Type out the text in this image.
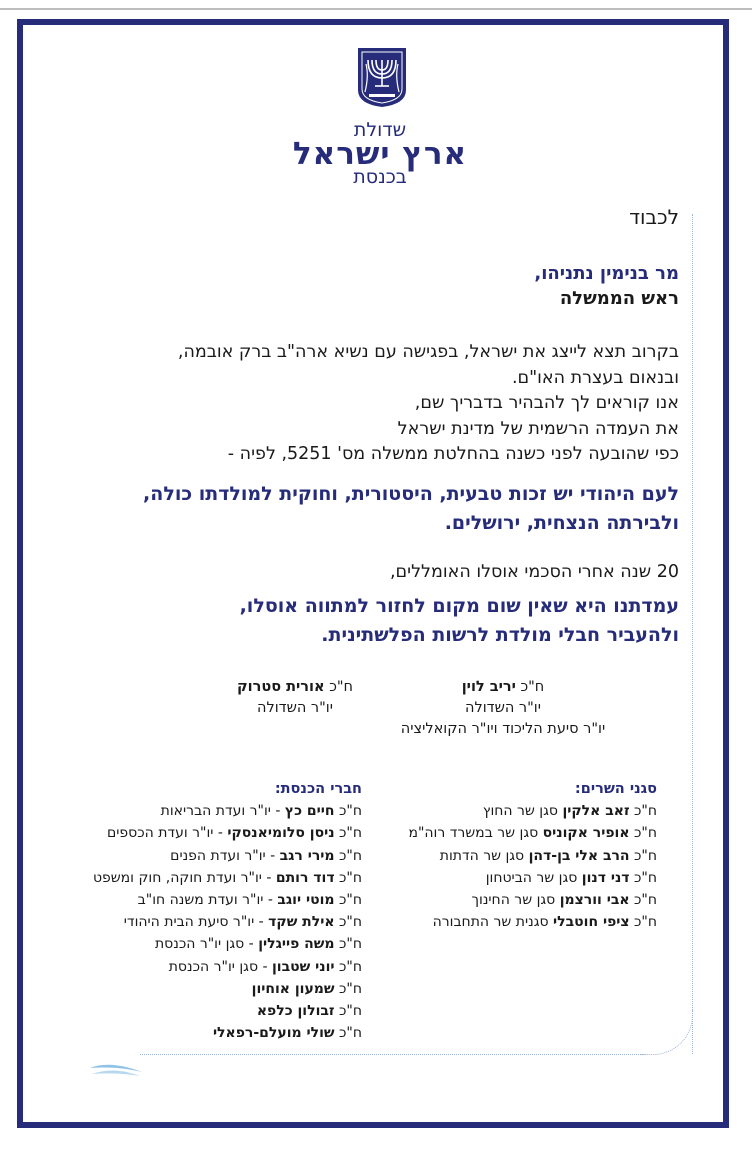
שדולת
ארץ ישראל
בכנסת
לכבוד
מר בנימין נתניהו,
ראש הממשלה
בקרוב תצא לייצג את ישראל, בפגישה עם נשיא ארה"ב ברק אובמה,
ובנאום בעצרת האו"ם.
אנו קוראים לך להבהיר בדבריך שם,
את העמדה הרשמית של מדינת ישראל
כפי שהובעה לפני כשנה בהחלטת ממשלה מס' 5251, לפיה -
לעם היהודי יש זכות טבעית, היסטורית, וחוקית למולדתו כולה,
ולבירתה הנצחית, ירושלים.
20 שנה אחרי הסכמי אוסלו האומללים,
עמדתנו היא שאין שום מקום לחזור למתווה אוסלו,
ולהעביר חבלי מולדת לרשות הפלשתינית.
ח"כ יריב לוין
יו"ר השדולה
יו"ר סיעת הליכוד ויו"ר הקואליציה
ח"כ אורית סטרוק
יו"ר השדולה
סגני השרים:
ח"כ זאב אלקין סגן שר החוץ
ח"כ אופיר אקוניס סגן שר במשרד רוה"מ
ח"כ הרב אלי בן-דהן סגן שר הדתות
ח"כ דני דנון סגן שר הביטחון
ח"כ אבי וורצמן סגן שר החינוך
ח"כ ציפי חוטבלי סגנית שר התחבורה
חברי הכנסת:
ח"כ חיים כץ - יו"ר ועדת הבריאות
ח"כ ניסן סלומיאנסקי - יו"ר ועדת הכספים
ח"כ מירי רגב - יו"ר ועדת הפנים
ח"כ דוד רותם - יו"ר ועדת חוקה, חוק ומשפט
ח"כ מוטי יוגב - יו"ר ועדת משנה חו"ב
ח"כ אילת שקד - יו"ר סיעת הבית היהודי
ח"כ משה פייגלין - סגן יו"ר הכנסת
ח"כ יוני שטבון - סגן יו"ר הכנסת
ח"כ שמעון אוחיון
ח"כ זבולון כלפא
ח"כ שולי מועלם-רפאלי
